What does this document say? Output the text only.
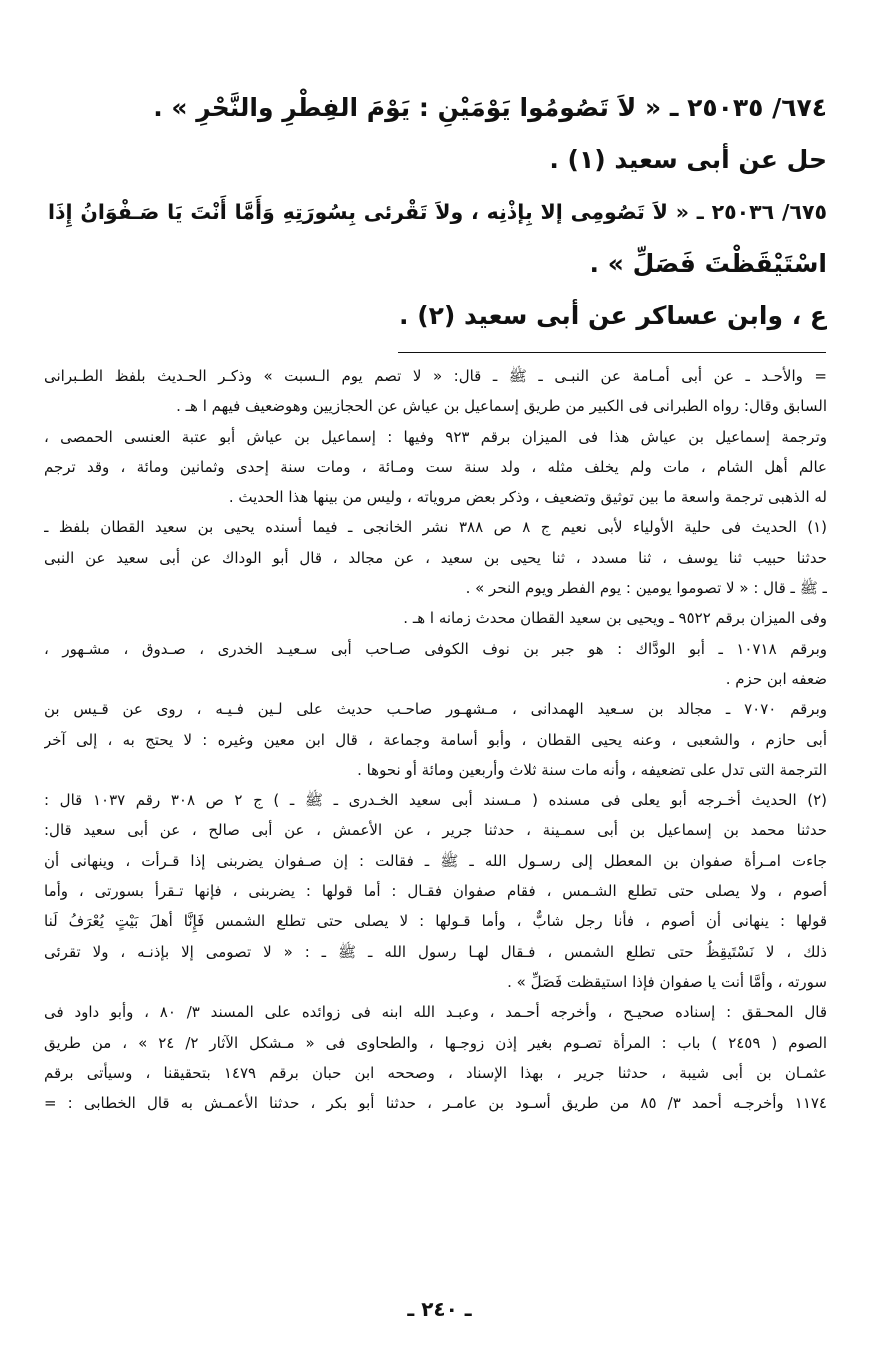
٦٧٤/ ٢٥٠٣٥ ـ « لاَ تَصُومُوا يَوْمَيْنِ : يَوْمَ الفِطْرِ والنَّحْرِ » .
حل عن أبى سعيد (١) .
٦٧٥/ ٢٥٠٣٦ ـ « لاَ تَصُومِى إلا بِإذْنِه ، ولاَ تَقْرئى بِسُورَتِهِ وَأَمَّا أَنْتَ يَا صَـفْوَانُ إِذَا
اسْتَيْقَظْتَ فَصَلِّ » .
ع ، وابن عساكر عن أبى سعيد (٢) .
= والأحـد ـ عن أبى أمـامة عن النبـى ـ ﷺ ـ قال: « لا تصم يوم الـسبت » وذكـر الحـديث بلفظ الطـبرانى
السابق وقال: رواه الطبرانى فى الكبير من طريق إسماعيل بن عياش عن الحجازيين وهوضعيف فيهم ا هـ .
وترجمة إسماعيل بن عياش هذا فى الميزان برقم ٩٢٣ وفيها : إسماعيل بن عياش أبو عتبة العنسى الحمصى ،
عالم أهل الشام ، مات ولم يخلف مثله ، ولد سنة ست ومـائة ، ومات سنة إحدى وثمانين ومائة ، وقد ترجم
له الذهبى ترجمة واسعة ما بين توثيق وتضعيف ، وذكر بعض مروياته ، وليس من بينها هذا الحديث .
(١) الحديث فى حلية الأولياء لأبى نعيم ج ٨ ص ٣٨٨ نشر الخانجى ـ فيما أسنده يحيى بن سعيد القطان بلفظ ـ
حدثنا حبيب ثنا يوسف ، ثنا مسدد ، ثنا يحيى بن سعيد ، عن مجالد ، قال أبو الوداك عن أبى سعيد عن النبى
ـ ﷺ ـ قال : « لا تصوموا يومين : يوم الفطر ويوم النحر » .
وفى الميزان برقم ٩٥٢٢ ـ ويحيى بن سعيد القطان محدث زمانه ا هـ .
وبرقم ١٠٧١٨ ـ أبو الودَّاك : هو جبر بن نوف الكوفى صـاحب أبى سـعيـد الخدرى ، صـدوق ، مشـهور ،
ضعفه ابن حزم .
وبرقم ٧٠٧٠ ـ مجالد بن سـعيد الهمدانى ، مـشهـور صاحـب حديث على لـين فـيـه ، روى عن قـيس بن
أبى حازم ، والشعبى ، وعنه يحيى القطان ، وأبو أسامة وجماعة ، قال ابن معين وغيره : لا يحتج به ، إلى آخر
الترجمة التى تدل على تضعيفه ، وأنه مات سنة ثلاث وأربعين ومائة أو نحوها .
(٢) الحديث أخـرجه أبو يعلى فى مسنده ( مـسند أبى سعيد الخـدرى ـ ﷺ ـ ) ج ٢ ص ٣٠٨ رقم ١٠٣٧ قال :
حدثنا محمد بن إسماعيل بن أبى سمـينة ، حدثنا جرير ، عن الأعمش ، عن أبى صالح ، عن أبى سعيد قال:
جاءت امـرأة صفوان بن المعطل إلى رسـول الله ـ ﷺ ـ فقالت : إن صـفوان يضربنى إذا قـرأت ، وينهانى أن
أصوم ، ولا يصلى حتى تطلع الشـمس ، فقام صفوان فقـال : أما قولها : يضربنى ، فإنها تـقرأ بسورتى ، وأما
قولها : ينهانى أن أصوم ، فأنا رجل شابٌّ ، وأما قـولها : لا يصلى حتى تطلع الشمس فَإِنَّا أهلَ بَيْتٍ يُعْرَفُ لَنا
ذلك ، لا نَسْتَيقِظُ حتى تطلع الشمس ، فـقال لهـا رسول الله ـ ﷺ ـ : « لا تصومى إلا بإذنـه ، ولا تقرئى
سورته ، وأمَّا أنت يا صفوان فإذا استيقظت فَصَلِّ » .
قال المحـقق : إسناده صحيـح ، وأخرجه أحـمد ، وعبـد الله ابنه فى زوائده على المسند ٣/ ٨٠ ، وأبو داود فى
الصوم ( ٢٤٥٩ ) باب : المرأة تصـوم بغير إذن زوجـها ، والطحاوى فى « مـشكل الآثار ٢/ ٢٤ » ، من طريق
عثمـان بن أبى شيبة ، حدثنا جرير ، بهذا الإسناد ، وصححه ابن حبان برقم ١٤٧٩ بتحقيقنا ، وسيأتى برقم
١١٧٤ وأخرجـه أحمد ٣/ ٨٥ من طريق أسـود بن عامـر ، حدثنا أبو بكر ، حدثنا الأعمـش به قال الخطابى : =
ـ ٢٤٠ ـ
